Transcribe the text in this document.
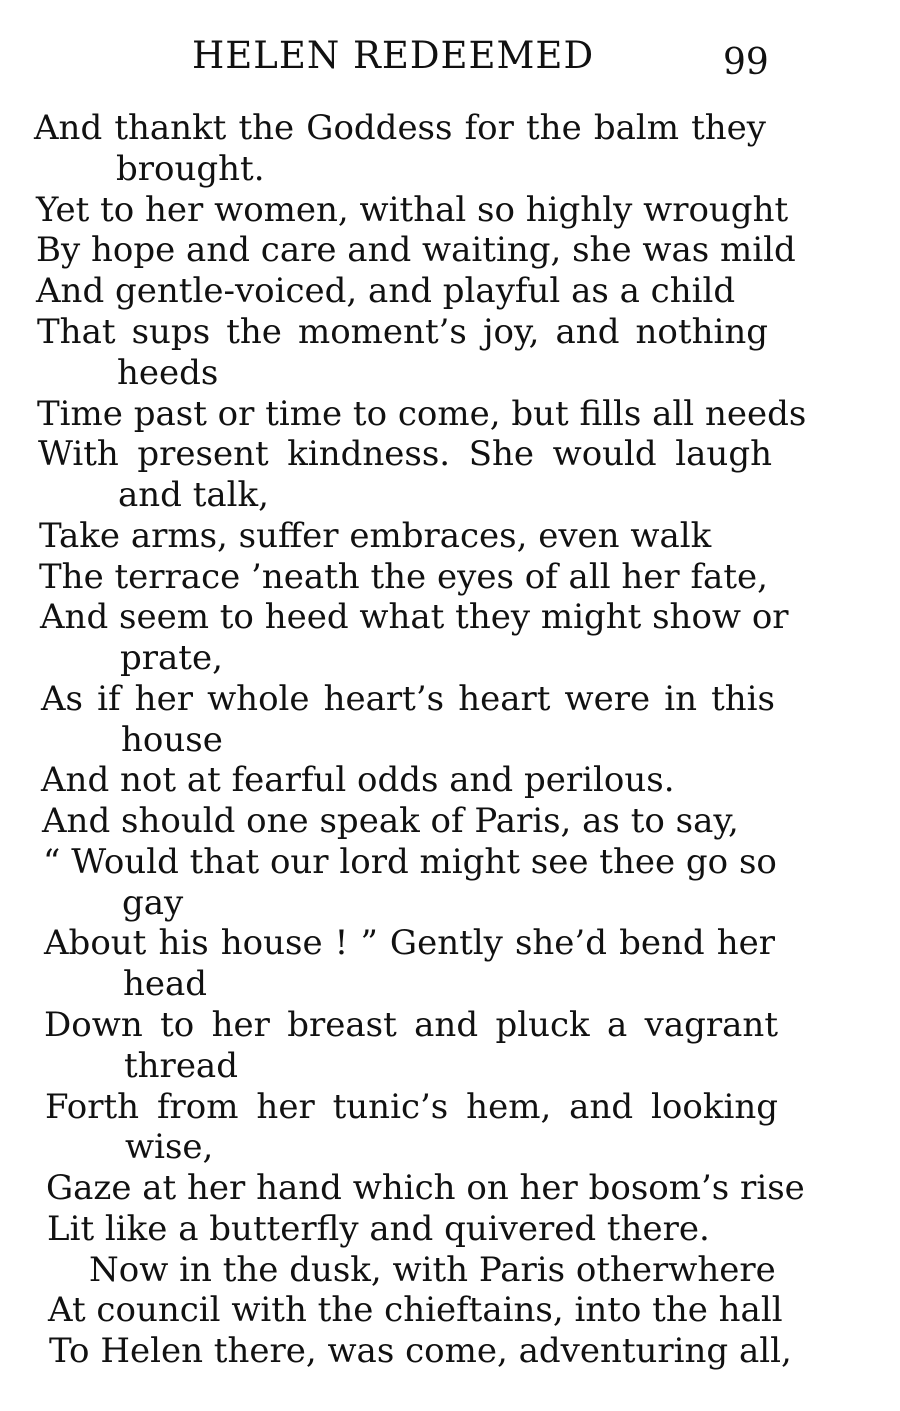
HELEN REDEEMED	99
And thankt the Goddess for the balm they
brought.
Yet to her women, withal so highly wrought
By hope and care and waiting, she was mild
And gentle-voiced, and playful as a child
That sups the moment’s joy, and nothing
heeds
Time past or time to come, but fills all needs
With present kindness. She would laugh
and talk,
Take arms, suffer embraces, even walk
The terrace ’neath the eyes of all her fate,
And seem to heed what they might show or
prate,
As if her whole heart’s heart were in this
house
And not at fearful odds and perilous.
And should one speak of Paris, as to say,
“ Would that our lord might see thee go so
gay
About his house ! ” Gently she’d bend her
head
Down to her breast and pluck a vagrant
thread
Forth from her tunic’s hem, and looking
wise,
Gaze at her hand which on her bosom’s rise
Lit like a butterfly and quivered there.
Now in the dusk, with Paris otherwhere
At council with the chieftains, into the hall
To Helen there, was come, adventuring all,
